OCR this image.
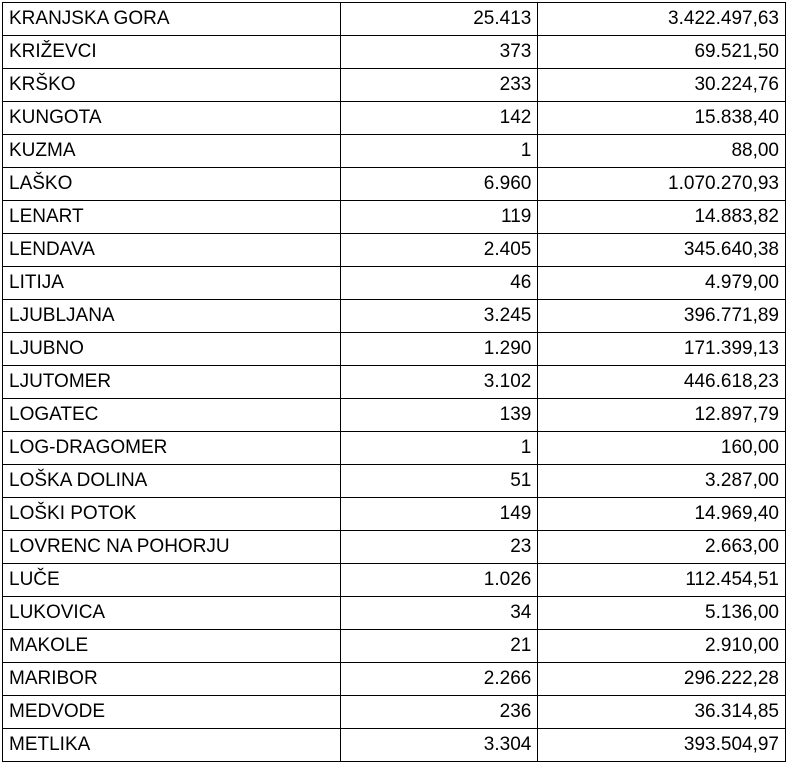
KRANJSKA GORA	25.413	3.422.497,63
KRIŽEVCI	373	69.521,50
KRŠKO	233	30.224,76
KUNGOTA	142	15.838,40
KUZMA	1	88,00
LAŠKO	6.960	1.070.270,93
LENART	119	14.883,82
LENDAVA	2.405	345.640,38
LITIJA	46	4.979,00
LJUBLJANA	3.245	396.771,89
LJUBNO	1.290	171.399,13
LJUTOMER	3.102	446.618,23
LOGATEC	139	12.897,79
LOG-DRAGOMER	1	160,00
LOŠKA DOLINA	51	3.287,00
LOŠKI POTOK	149	14.969,40
LOVRENC NA POHORJU	23	2.663,00
LUČE	1.026	112.454,51
LUKOVICA	34	5.136,00
MAKOLE	21	2.910,00
MARIBOR	2.266	296.222,28
MEDVODE	236	36.314,85
METLIKA	3.304	393.504,97
